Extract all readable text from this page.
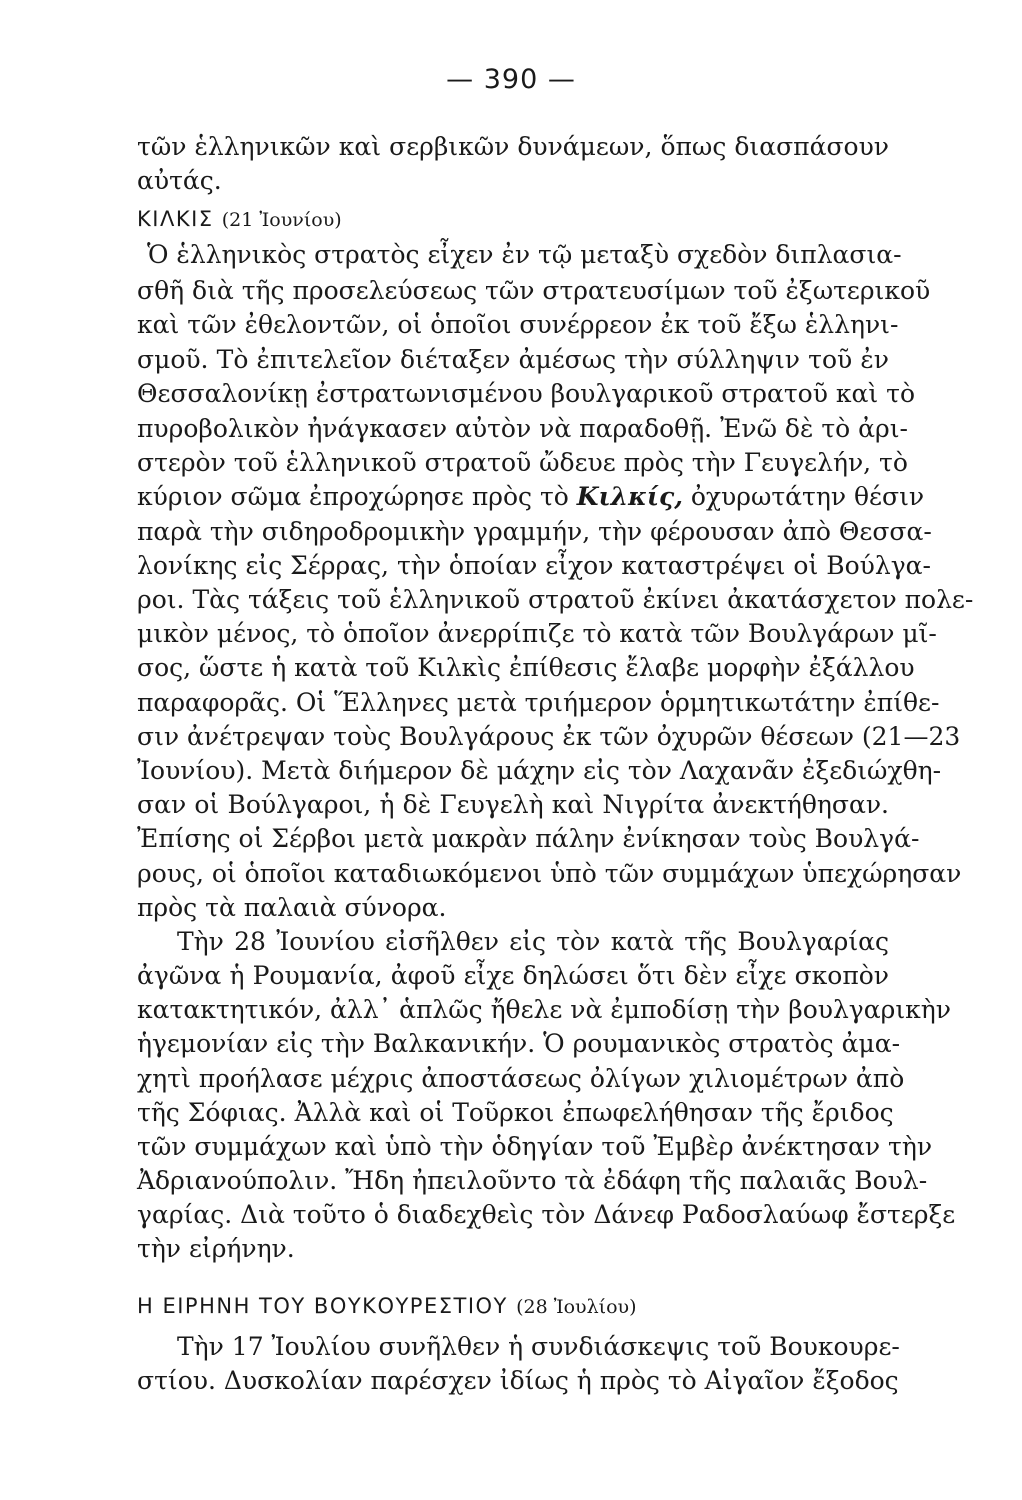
— 390 —
τῶν ἑλληνικῶν καὶ σερβικῶν δυνάμεων, ὅπως διασπάσουν
αὐτάς.
ΚΙΛΚΙΣ (21 Ἰουνίου)
Ὁ ἑλληνικὸς στρατὸς εἶχεν ἐν τῷ μεταξὺ σχεδὸν διπλασια-
σθῆ διὰ τῆς προσελεύσεως τῶν στρατευσίμων τοῦ ἐξωτερικοῦ
καὶ τῶν ἐθελοντῶν, οἱ ὁποῖοι συνέρρεον ἐκ τοῦ ἔξω ἑλληνι-
σμοῦ. Τὸ ἐπιτελεῖον διέταξεν ἀμέσως τὴν σύλληψιν τοῦ ἐν
Θεσσαλονίκῃ ἐστρατωνισμένου βουλγαρικοῦ στρατοῦ καὶ τὸ
πυροβολικὸν ἠνάγκασεν αὐτὸν νὰ παραδοθῇ. Ἐνῶ δὲ τὸ ἀρι-
στερὸν τοῦ ἑλληνικοῦ στρατοῦ ὤδευε πρὸς τὴν Γευγελήν, τὸ
κύριον σῶμα ἐπροχώρησε πρὸς τὸ Κιλκίς, ὀχυρωτάτην θέσιν
παρὰ τὴν σιδηροδρομικὴν γραμμήν, τὴν φέρουσαν ἀπὸ Θεσσα-
λονίκης εἰς Σέρρας, τὴν ὁποίαν εἶχον καταστρέψει οἱ Βούλγα-
ροι. Τὰς τάξεις τοῦ ἑλληνικοῦ στρατοῦ ἐκίνει ἀκατάσχετον πολε-
μικὸν μένος, τὸ ὁποῖον ἀνερρίπιζε τὸ κατὰ τῶν Βουλγάρων μῖ-
σος, ὥστε ἡ κατὰ τοῦ Κιλκὶς ἐπίθεσις ἔλαβε μορφὴν ἐξάλλου
παραφορᾶς. Οἱ Ἕλληνες μετὰ τριήμερον ὁρμητικωτάτην ἐπίθε-
σιν ἀνέτρεψαν τοὺς Βουλγάρους ἐκ τῶν ὀχυρῶν θέσεων (21—23
Ἰουνίου). Μετὰ διήμερον δὲ μάχην εἰς τὸν Λαχανᾶν ἐξεδιώχθη-
σαν οἱ Βούλγαροι, ἡ δὲ Γευγελὴ καὶ Νιγρίτα ἀνεκτήθησαν.
Ἐπίσης οἱ Σέρβοι μετὰ μακρὰν πάλην ἐνίκησαν τοὺς Βουλγά-
ρους, οἱ ὁποῖοι καταδιωκόμενοι ὑπὸ τῶν συμμάχων ὑπεχώρησαν
πρὸς τὰ παλαιὰ σύνορα.
Τὴν 28 Ἰουνίου εἰσῆλθεν εἰς τὸν κατὰ τῆς Βουλγαρίας
ἀγῶνα ἡ Ρουμανία, ἀφοῦ εἶχε δηλώσει ὅτι δὲν εἶχε σκοπὸν
κατακτητικόν, ἀλλ᾽ ἁπλῶς ἤθελε νὰ ἐμποδίσῃ τὴν βουλγαρικὴν
ἡγεμονίαν εἰς τὴν Βαλκανικήν. Ὁ ρουμανικὸς στρατὸς ἀμα-
χητὶ προήλασε μέχρις ἀποστάσεως ὀλίγων χιλιομέτρων ἀπὸ
τῆς Σόφιας. Ἀλλὰ καὶ οἱ Τοῦρκοι ἐπωφελήθησαν τῆς ἔριδος
τῶν συμμάχων καὶ ὑπὸ τὴν ὁδηγίαν τοῦ Ἐμβὲρ ἀνέκτησαν τὴν
Ἀδριανούπολιν. Ἤδη ἠπειλοῦντο τὰ ἐδάφη τῆς παλαιᾶς Βουλ-
γαρίας. Διὰ τοῦτο ὁ διαδεχθεὶς τὸν Δάνεφ Ραδοσλαύωφ ἔστερξε
τὴν εἰρήνην.
Η ΕΙΡΗΝΗ ΤΟΥ ΒΟΥΚΟΥΡΕΣΤΙΟΥ (28 Ἰουλίου)
Τὴν 17 Ἰουλίου συνῆλθεν ἡ συνδιάσκεψις τοῦ Βουκουρε-
στίου. Δυσκολίαν παρέσχεν ἰδίως ἡ πρὸς τὸ Αἰγαῖον ἔξοδος
